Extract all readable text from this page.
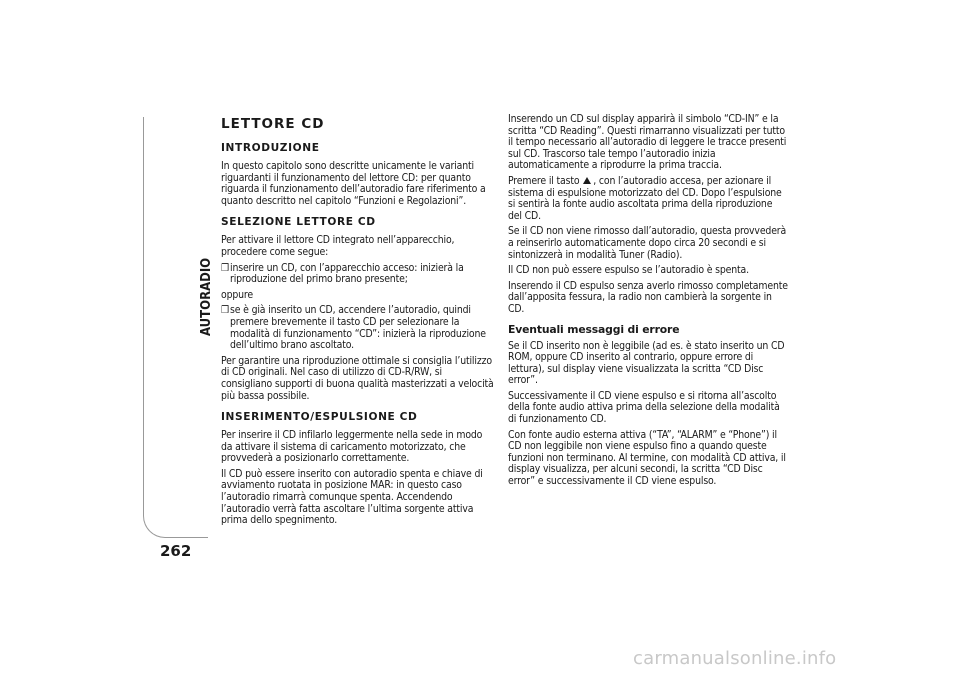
AUTORADIO
262
LETTORE CD
INTRODUZIONE

In questo capitolo sono descritte unicamente le varianti riguardanti il funzionamento del lettore CD: per quanto riguarda il funzionamento dell’autoradio fare riferimento a quanto descritto nel capitolo “Funzioni e Regolazioni”.

SELEZIONE LETTORE CD

Per attivare il lettore CD integrato nell’apparecchio, procedere come segue:

❒ inserire un CD, con l’apparecchio acceso: inizierà la riproduzione del primo brano presente;

oppure

❒ se è già inserito un CD, accendere l’autoradio, quindi premere brevemente il tasto CD per selezionare la modalità di funzionamento “CD”: inizierà la riproduzione dell’ultimo brano ascoltato.

Per garantire una riproduzione ottimale si consiglia l’utilizzo di CD originali. Nel caso di utilizzo di CD-R/RW, si consigliano supporti di buona qualità masterizzati a velocità più bassa possibile.

INSERIMENTO/ESPULSIONE CD

Per inserire il CD infilarlo leggermente nella sede in modo da attivare il sistema di caricamento motorizzato, che provvederà a posizionarlo correttamente.

Il CD può essere inserito con autoradio spenta e chiave di avviamento ruotata in posizione MAR: in questo caso l’autoradio rimarrà comunque spenta. Accendendo l’autoradio verrà fatta ascoltare l’ultima sorgente attiva prima dello spegnimento.

Inserendo un CD sul display apparirà il simbolo “CD-IN” e la scritta “CD Reading”. Questi rimarranno visualizzati per tutto il tempo necessario all’autoradio di leggere le tracce presenti sul CD. Trascorso tale tempo l’autoradio inizia automaticamente a riprodurre la prima traccia.

Premere il tasto , con l’autoradio accesa, per azionare il sistema di espulsione motorizzato del CD. Dopo l’espulsione si sentirà la fonte audio ascoltata prima della riproduzione del CD.

Se il CD non viene rimosso dall’autoradio, questa provvederà a reinserirlo automaticamente dopo circa 20 secondi e si sintonizzerà in modalità Tuner (Radio).

Il CD non può essere espulso se l’autoradio è spenta.

Inserendo il CD espulso senza averlo rimosso completamente dall’apposita fessura, la radio non cambierà la sorgente in CD.

Eventuali messaggi di errore

Se il CD inserito non è leggibile (ad es. è stato inserito un CD ROM, oppure CD inserito al contrario, oppure errore di lettura), sul display viene visualizzata la scritta “CD Disc error”.

Successivamente il CD viene espulso e si ritorna all’ascolto della fonte audio attiva prima della selezione della modalità di funzionamento CD.

Con fonte audio esterna attiva (“TA”, “ALARM” e “Phone”) il CD non leggibile non viene espulso fino a quando queste funzioni non terminano. Al termine, con modalità CD attiva, il display visualizza, per alcuni secondi, la scritta “CD Disc error” e successivamente il CD viene espulso.

carmanualsonline.info
